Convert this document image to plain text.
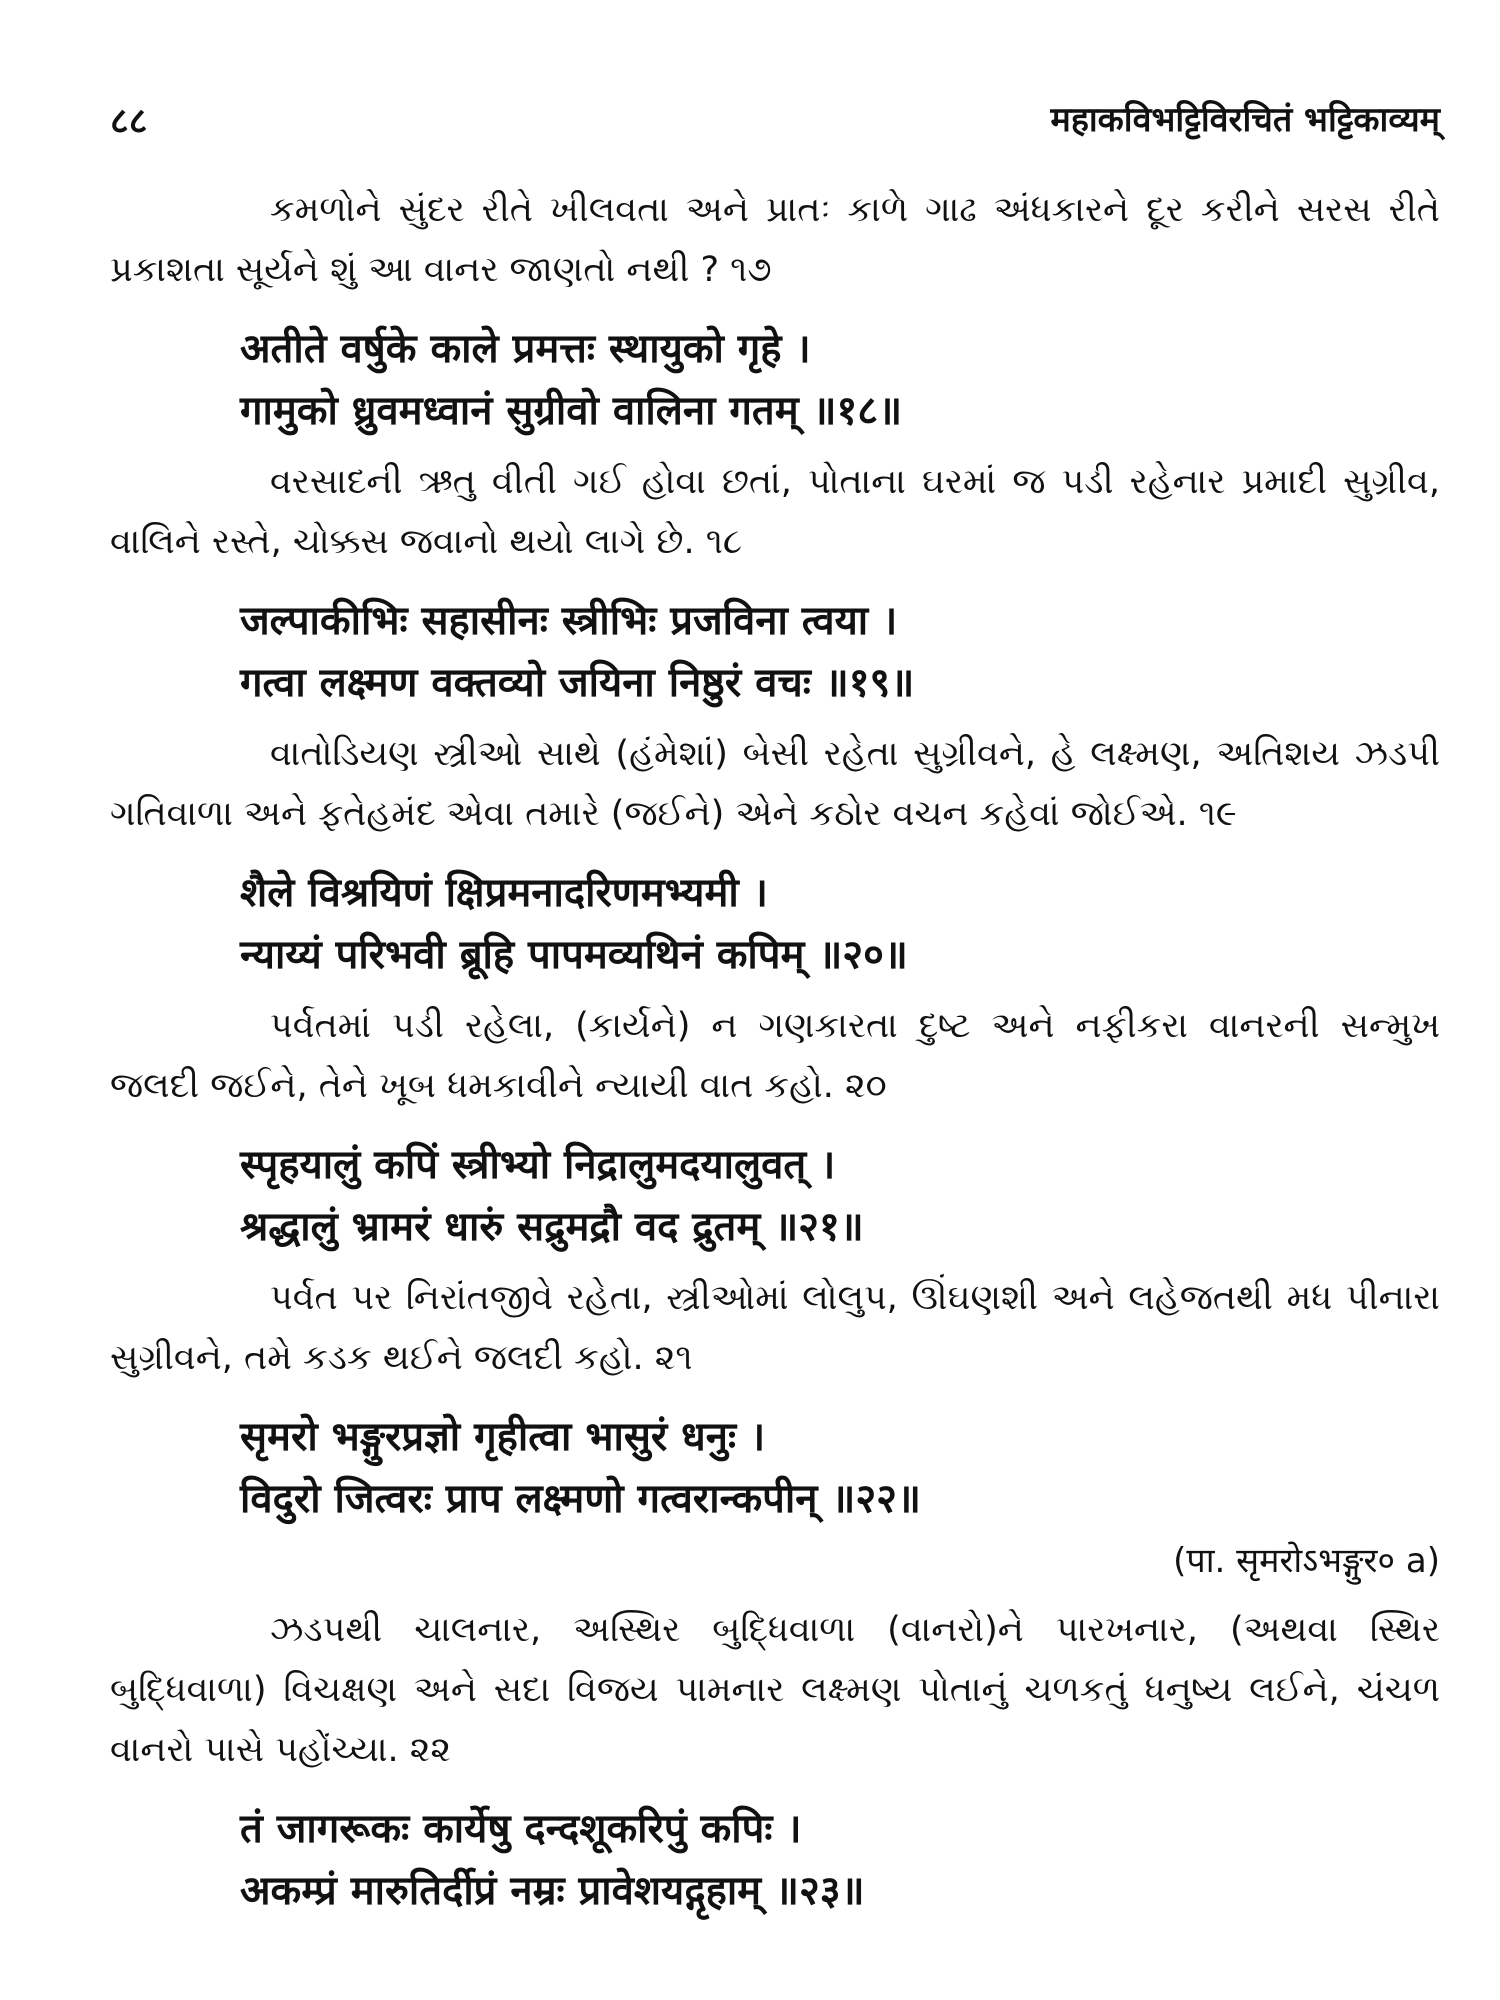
८८	महाकविभट्टिविरचितं भट्टिकाव्यम्

કમળોને સુંદર રીતે ખીલવતા અને પ્રાતઃ કાળે ગાઢ અંધકારને દૂર કરીને સરસ રીતે પ્રકાશતા સૂર્યને શું આ વાનર જાણતો નથી ? ૧૭

अतीते वर्षुके काले प्रमत्तः स्थायुको गृहे ।
गामुको ध्रुवमध्वानं सुग्रीवो वालिना गतम् ॥१८॥

વરસાદની ઋતુ વીતી ગઈ હોવા છતાં, પોતાના ઘરમાં જ પડી રહેનાર પ્રમાદી સુગ્રીવ, વાલિને રસ્તે, ચોક્કસ જવાનો થયો લાગે છે. ૧૮

जल्पाकीभिः सहासीनः स्त्रीभिः प्रजविना त्वया ।
गत्वा लक्ष्मण वक्तव्यो जयिना निष्ठुरं वचः ॥१९॥

વાતોડિયણ સ્ત્રીઓ સાથે (હંમેશાં) બેસી રહેતા સુગ્રીવને, હે લક્ષ્મણ, અતિશય ઝડપી ગતિવાળા અને ફતેહમંદ એવા તમારે (જઈને) એને કઠોર વચન કહેવાં જોઈએ. ૧૯

शैले विश्रयिणं क्षिप्रमनादरिणमभ्यमी ।
न्याय्यं परिभवी ब्रूहि पापमव्यथिनं कपिम् ॥२०॥

પર્વતમાં પડી રહેલા, (કાર્યને) ન ગણકારતા દુષ્ટ અને નફીકરા વાનરની સન્મુખ જલદી જઈને, તેને ખૂબ ધમકાવીને ન્યાયી વાત કહો. ૨૦

स्पृहयालुं कपिं स्त्रीभ्यो निद्रालुमदयालुवत् ।
श्रद्धालुं भ्रामरं धारुं सद्रुमद्रौ वद द्रुतम् ॥२१॥

પર્વત પર નિરાંતજીવે રહેતા, સ્ત્રીઓમાં લોલુપ, ઊંઘણશી અને લહેજતથી મધ પીનારા સુગ્રીવને, તમે કડક થઈને જલદી કહો. ૨૧

सृमरो भङ्गुरप्रज्ञो गृहीत्वा भासुरं धनुः ।
विदुरो जित्वरः प्राप लक्ष्मणो गत्वरान्कपीन् ॥२२॥
(पा. सृमरोऽभङ्गुर० a)

ઝડપથી ચાલનાર, અસ્થિર બુદ્ધિવાળા (વાનરો)ને પારખનાર, (અથવા સ્થિર બુદ્ધિવાળા) વિચક્ષણ અને સદા વિજય પામનાર લક્ષ્મણ પોતાનું ચળકતું ધનુષ્ય લઈને, ચંચળ વાનરો પાસે પહોંચ્યા. ૨૨

तं जागरूकः कार्येषु दन्दशूकरिपुं कपिः ।
अकम्प्रं मारुतिर्दीप्रं नम्रः प्रावेशयद्गृहाम् ॥२३॥
